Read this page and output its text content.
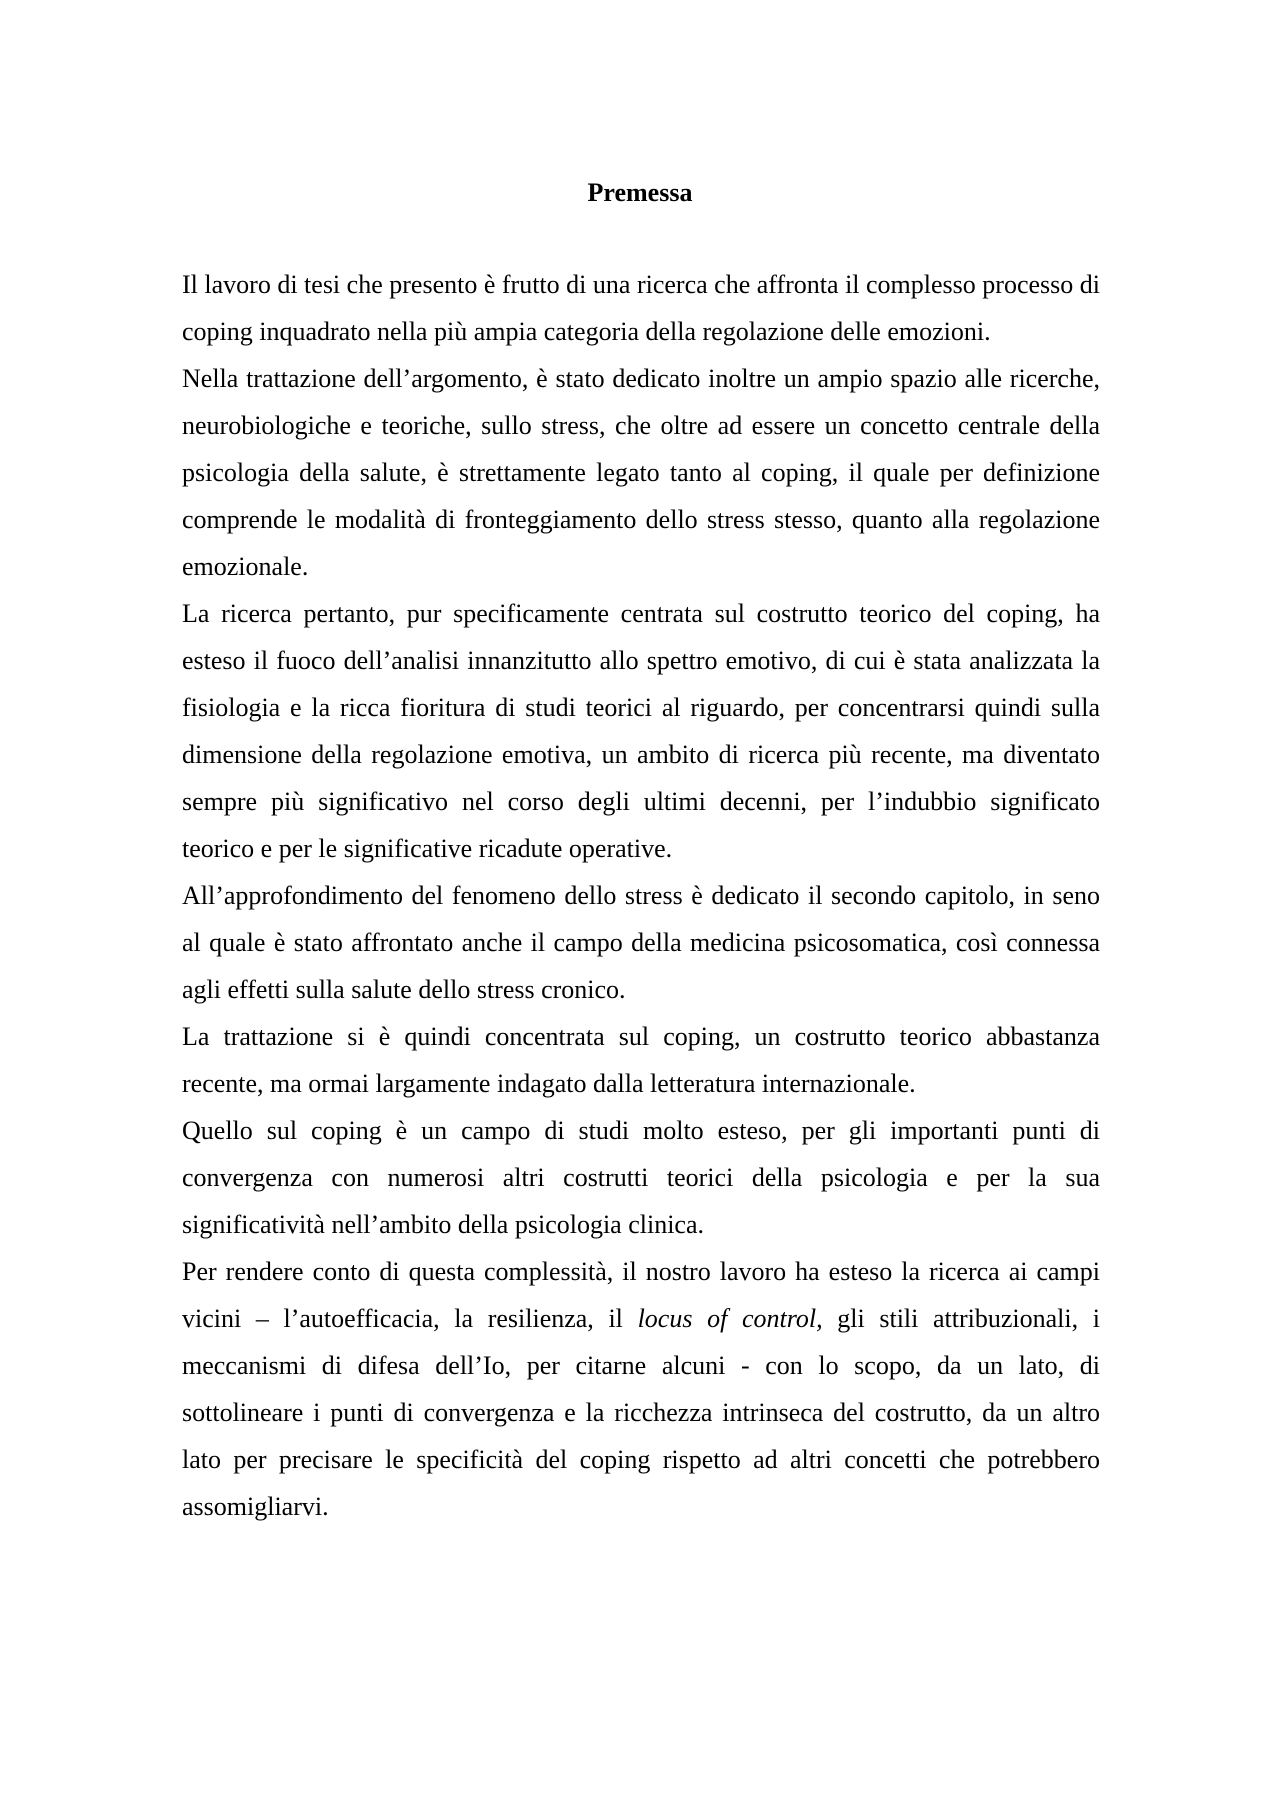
Premessa

Il lavoro di tesi che presento è frutto di una ricerca che affronta il complesso processo di coping inquadrato nella più ampia categoria della regolazione delle emozioni.

Nella trattazione dell’argomento, è stato dedicato inoltre un ampio spazio alle ricerche, neurobiologiche e teoriche, sullo stress, che oltre ad essere un concetto centrale della psicologia della salute, è strettamente legato tanto al coping, il quale per definizione comprende le modalità di fronteggiamento dello stress stesso, quanto alla regolazione emozionale.

La ricerca pertanto, pur specificamente centrata sul costrutto teorico del coping, ha esteso il fuoco dell’analisi innanzitutto allo spettro emotivo, di cui è stata analizzata la fisiologia e la ricca fioritura di studi teorici al riguardo, per concentrarsi quindi sulla dimensione della regolazione emotiva, un ambito di ricerca più recente, ma diventato sempre più significativo nel corso degli ultimi decenni, per l’indubbio significato teorico e per le significative ricadute operative.

All’approfondimento del fenomeno dello stress è dedicato il secondo capitolo, in seno al quale è stato affrontato anche il campo della medicina psicosomatica, così connessa agli effetti sulla salute dello stress cronico.

La trattazione si è quindi concentrata sul coping, un costrutto teorico abbastanza recente, ma ormai largamente indagato dalla letteratura internazionale.

Quello sul coping è un campo di studi molto esteso, per gli importanti punti di convergenza con numerosi altri costrutti teorici della psicologia e per la sua significatività nell’ambito della psicologia clinica.

Per rendere conto di questa complessità, il nostro lavoro ha esteso la ricerca ai campi vicini – l’autoefficacia, la resilienza, il locus of control, gli stili attribuzionali, i meccanismi di difesa dell’Io, per citarne alcuni - con lo scopo, da un lato, di sottolineare i punti di convergenza e la ricchezza intrinseca del costrutto, da un altro lato per precisare le specificità del coping rispetto ad altri concetti che potrebbero assomigliarvi.
